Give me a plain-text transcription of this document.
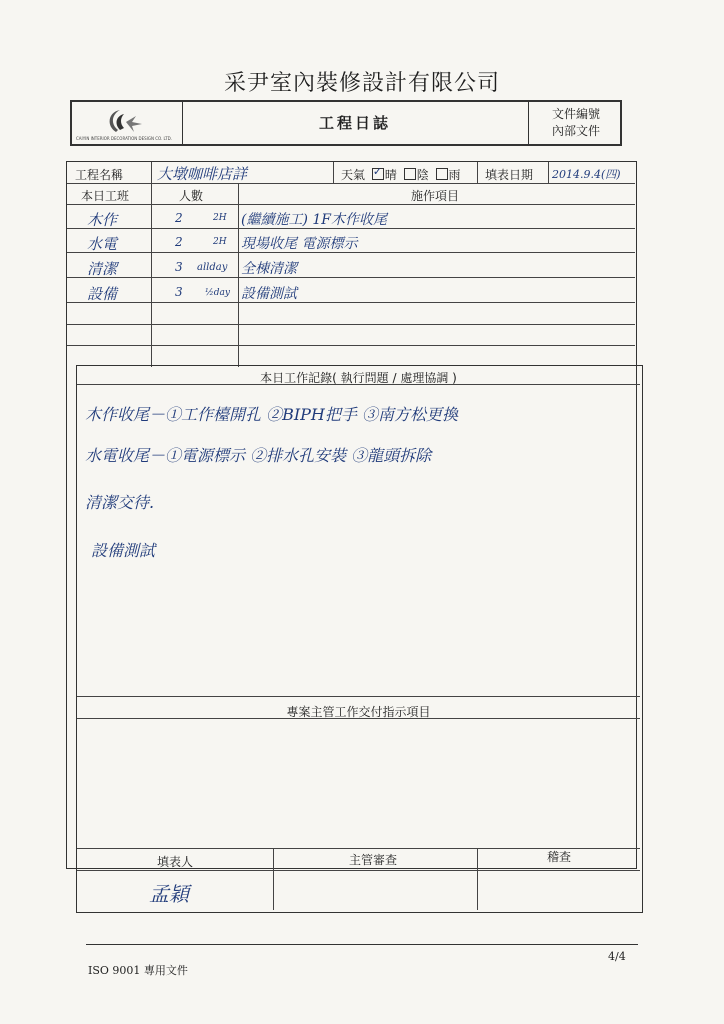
采尹室內裝修設計有限公司
CAIYIN INTERIOR DECORATION DESIGN CO. LTD.
工程日誌	文件編號
內部文件
工程名稱 大墩咖啡店詳	天氣 ✓ 晴 陰 雨 填表日期 2014.9.4(四)
本日工班	人數	施作項目
木作	2	2H (繼續施工) 1F木作收尾
水電	2	2H 現場收尾 電源標示
清潔	3 allday 全棟清潔
設備	3 ½day 設備測試
本日工作記錄( 執行問題 / 處理協調 )
木作收尾－①工作檯開孔 ②BIPH把手 ③南方松更換
水電收尾－①電源標示 ②排水孔安裝 ③龍頭拆除
清潔交待.
設備測試
專案主管工作交付指示項目
填表人	主管審查	稽查
孟穎
ISO 9001 專用文件
4/4
